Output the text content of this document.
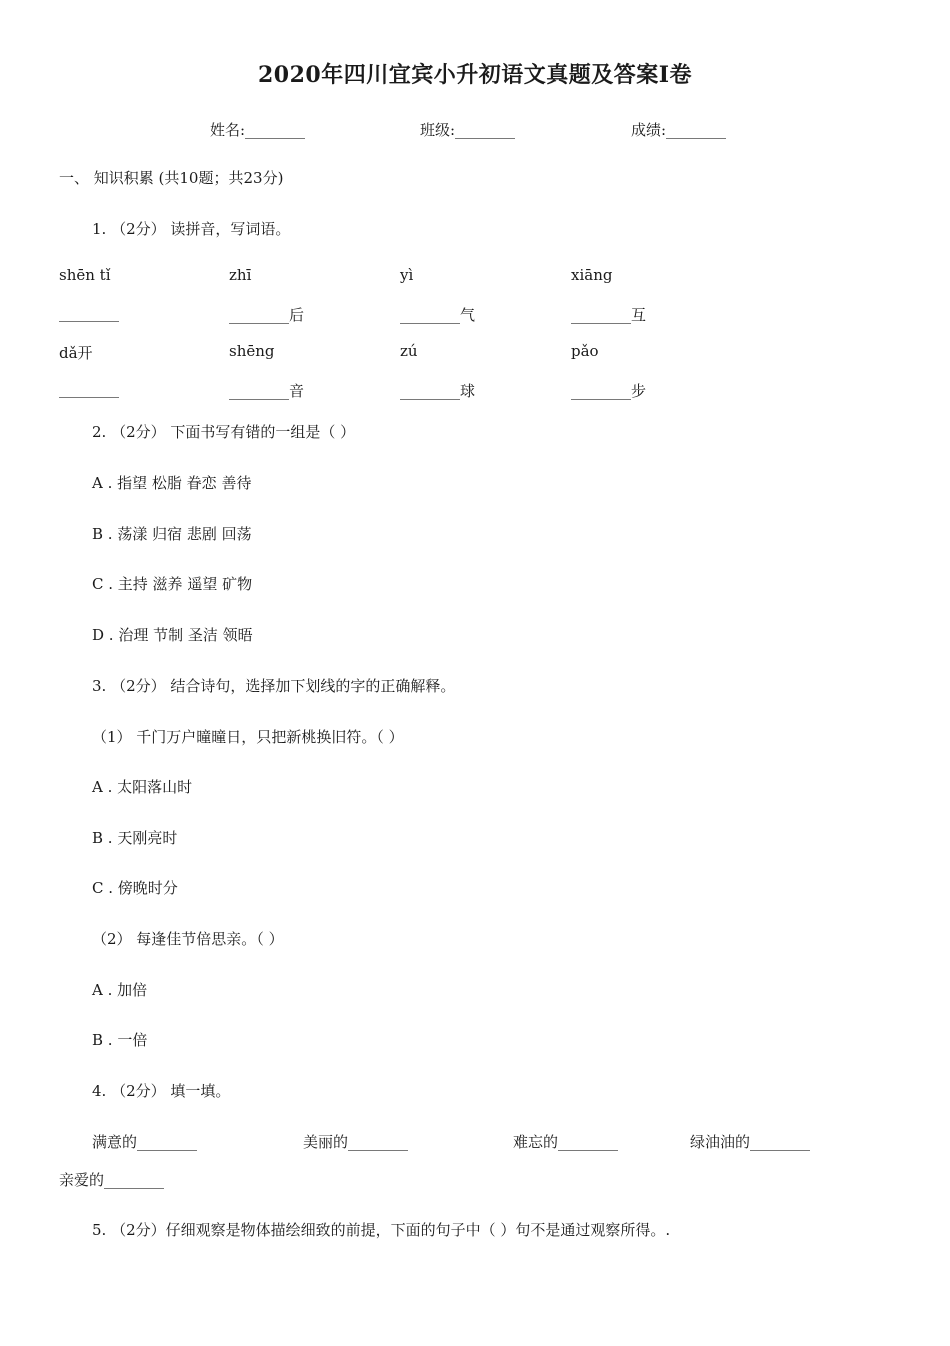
2020年四川宜宾小升初语文真题及答案I卷
姓名:________	班级:________	成绩:________
一、 知识积累 (共10题；共23分)
1. （2分） 读拼音，写词语。
shēn tǐ	zhī	yì	xiāng
________	________后	________气	________互
dǎ开	shēng	zú	pǎo
________	________音	________球	________步
2. （2分） 下面书写有错的一组是（ ）
A . 指望 松脂 眷恋 善待
B . 荡漾 归宿 悲剧 回荡
C . 主持 滋养 遥望 矿物
D . 治理 节制 圣洁 领晤
3. （2分） 结合诗句，选择加下划线的字的正确解释。
（1） 千门万户曈曈日，只把新桃换旧符。（ ）
A . 太阳落山时
B . 天刚亮时
C . 傍晚时分
（2） 每逢佳节倍思亲。（ ）
A . 加倍
B . 一倍
4. （2分） 填一填。
满意的________	美丽的________	难忘的________	绿油油的________
亲爱的________
5. （2分）仔细观察是物体描绘细致的前提，下面的句子中（ ）句不是通过观察所得。.
